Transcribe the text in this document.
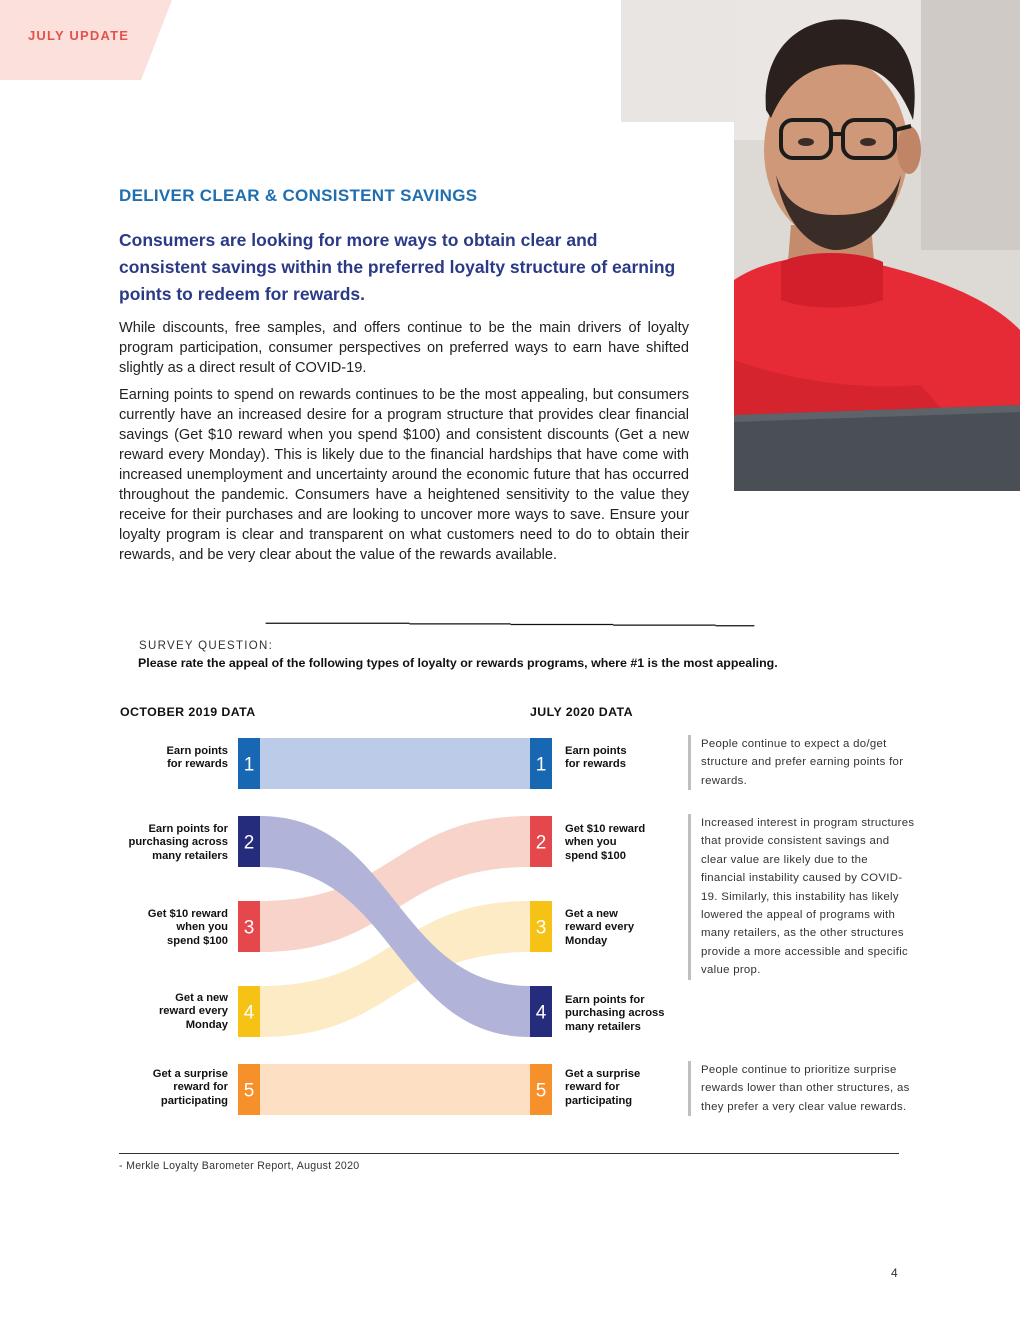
JULY UPDATE
DELIVER CLEAR & CONSISTENT SAVINGS
Consumers are looking for more ways to obtain clear and consistent savings within the preferred loyalty structure of earning points to redeem for rewards.

While discounts, free samples, and offers continue to be the main drivers of loyalty program participation, consumer perspectives on preferred ways to earn have shifted slightly as a direct result of COVID-19.

Earning points to spend on rewards continues to be the most appealing, but consumers currently have an increased desire for a program structure that provides clear financial savings (Get $10 reward when you spend $100) and consistent discounts (Get a new reward every Monday). This is likely due to the financial hardships that have come with increased unemployment and uncertainty around the economic future that has occurred throughout the pandemic. Consumers have a heightened sensitivity to the value they receive for their purchases and are looking to uncover more ways to save. Ensure your loyalty program is clear and transparent on what customers need to do to obtain their rewards, and be very clear about the value of the rewards available.

SURVEY QUESTION:
Please rate the appeal of the following types of loyalty or rewards programs, where #1 is the most appealing.
OCTOBER 2019 DATA	JULY 2020 DATA
1	1
2
4
3
2
4
3
5	5
Earn points
for rewards
Earn points for
purchasing across
many retailers
Get $10 reward
when you
spend $100
Get a new
reward every
Monday
Get a surprise
reward for
participating
Earn points
for rewards
Get $10 reward
when you
spend $100
Get a new
reward every
Monday
Earn points for
purchasing across
many retailers
Get a surprise
reward for
participating
People continue to expect a do/get structure and prefer earning points for rewards.
Increased interest in program structures that provide consistent savings and clear value are likely due to the financial instability caused by COVID-19. Similarly, this instability has likely lowered the appeal of programs with many retailers, as the other structures provide a more accessible and specific value prop.
People continue to prioritize surprise rewards lower than other structures, as they prefer a very clear value rewards.
- Merkle Loyalty Barometer Report, August 2020
4
